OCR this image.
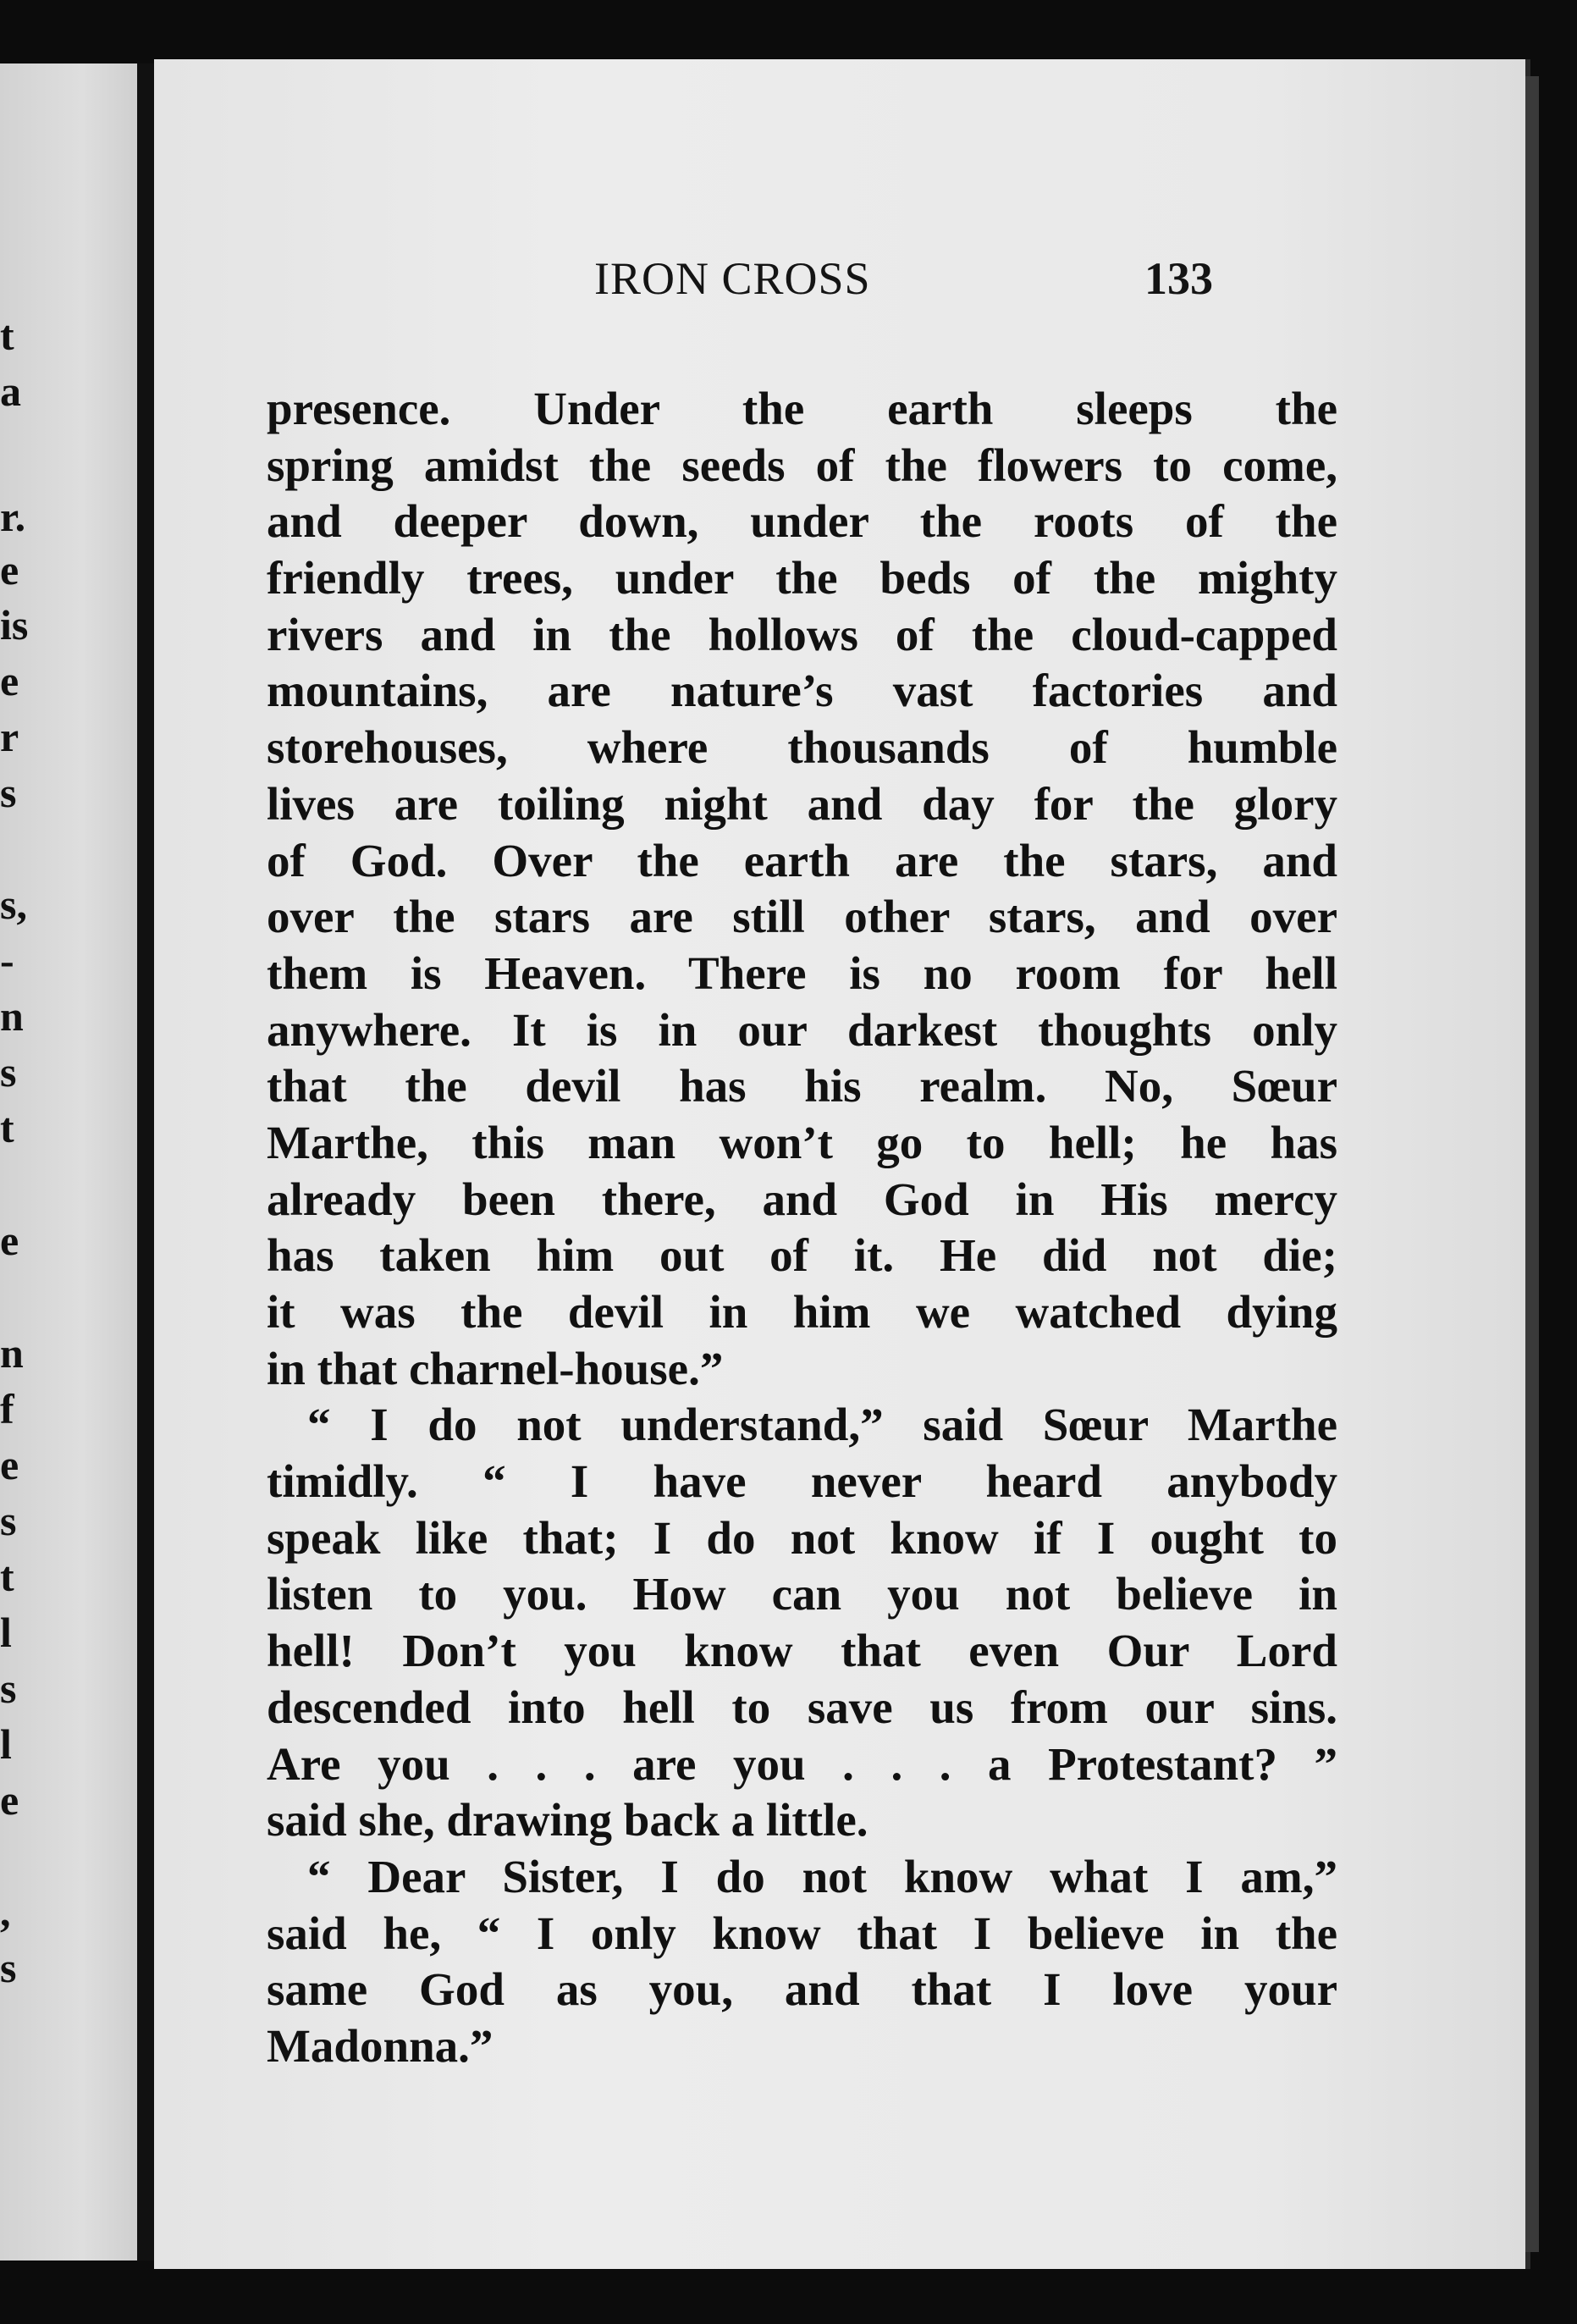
t
a
r.
e
is
e
r
s
s,
-
n
s
t
e
n
f
e
s
t
l
s
l
e
,
s
IRON CROSS	133
presence. Under the earth sleeps the
spring amidst the seeds of the flowers to come,
and deeper down, under the roots of the
friendly trees, under the beds of the mighty
rivers and in the hollows of the cloud-capped
mountains, are nature’s vast factories and
storehouses, where thousands of humble
lives are toiling night and day for the glory
of God. Over the earth are the stars, and
over the stars are still other stars, and over
them is Heaven. There is no room for hell
anywhere. It is in our darkest thoughts only
that the devil has his realm. No, Sœur
Marthe, this man won’t go to hell; he has
already been there, and God in His mercy
has taken him out of it. He did not die;
it was the devil in him we watched dying
in that charnel-house.”
“ I do not understand,” said Sœur Marthe
timidly. “ I have never heard anybody
speak like that; I do not know if I ought to
listen to you. How can you not believe in
hell! Don’t you know that even Our Lord
descended into hell to save us from our sins.
Are you . . . are you . . . a Protestant? ”
said she, drawing back a little.
“ Dear Sister, I do not know what I am,”
said he, “ I only know that I believe in the
same God as you, and that I love your
Madonna.”
